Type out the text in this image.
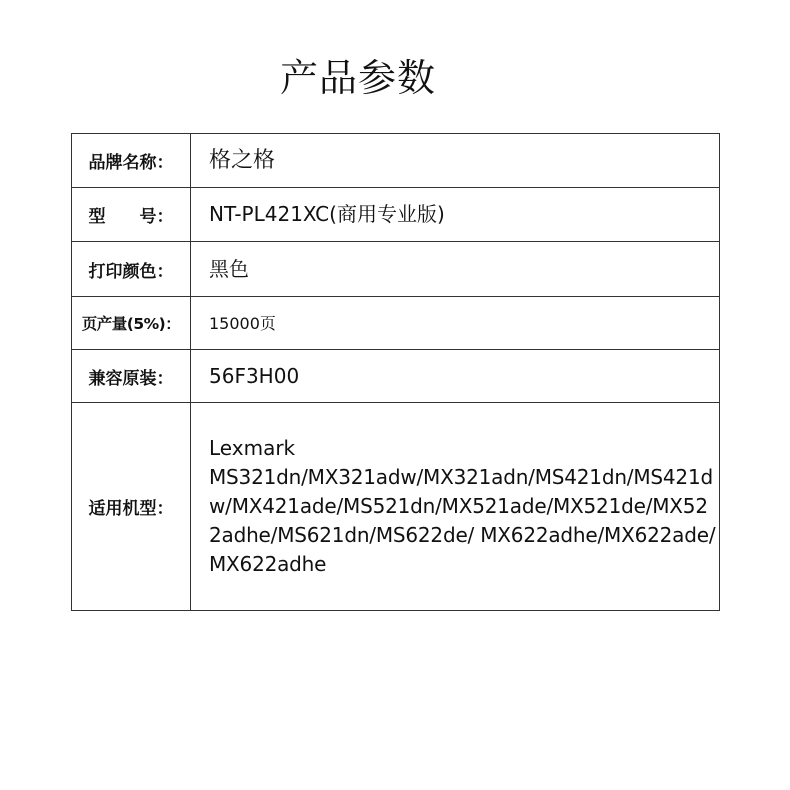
产品参数
品牌名称：	格之格
型　　号：	NT-PL421XC(商用专业版)
打印颜色：	黑色
页产量(5%)：	15000页
兼容原装：	56F3H00
适用机型：	Lexmark
MS321dn/MX321adw/MX321adn/MS421dn/MS421dw/MX421ade/MS521dn/MX521ade/MX521de/MX522adhe/MS621dn/MS622de/ MX622adhe/MX622ade/MX622adhe
